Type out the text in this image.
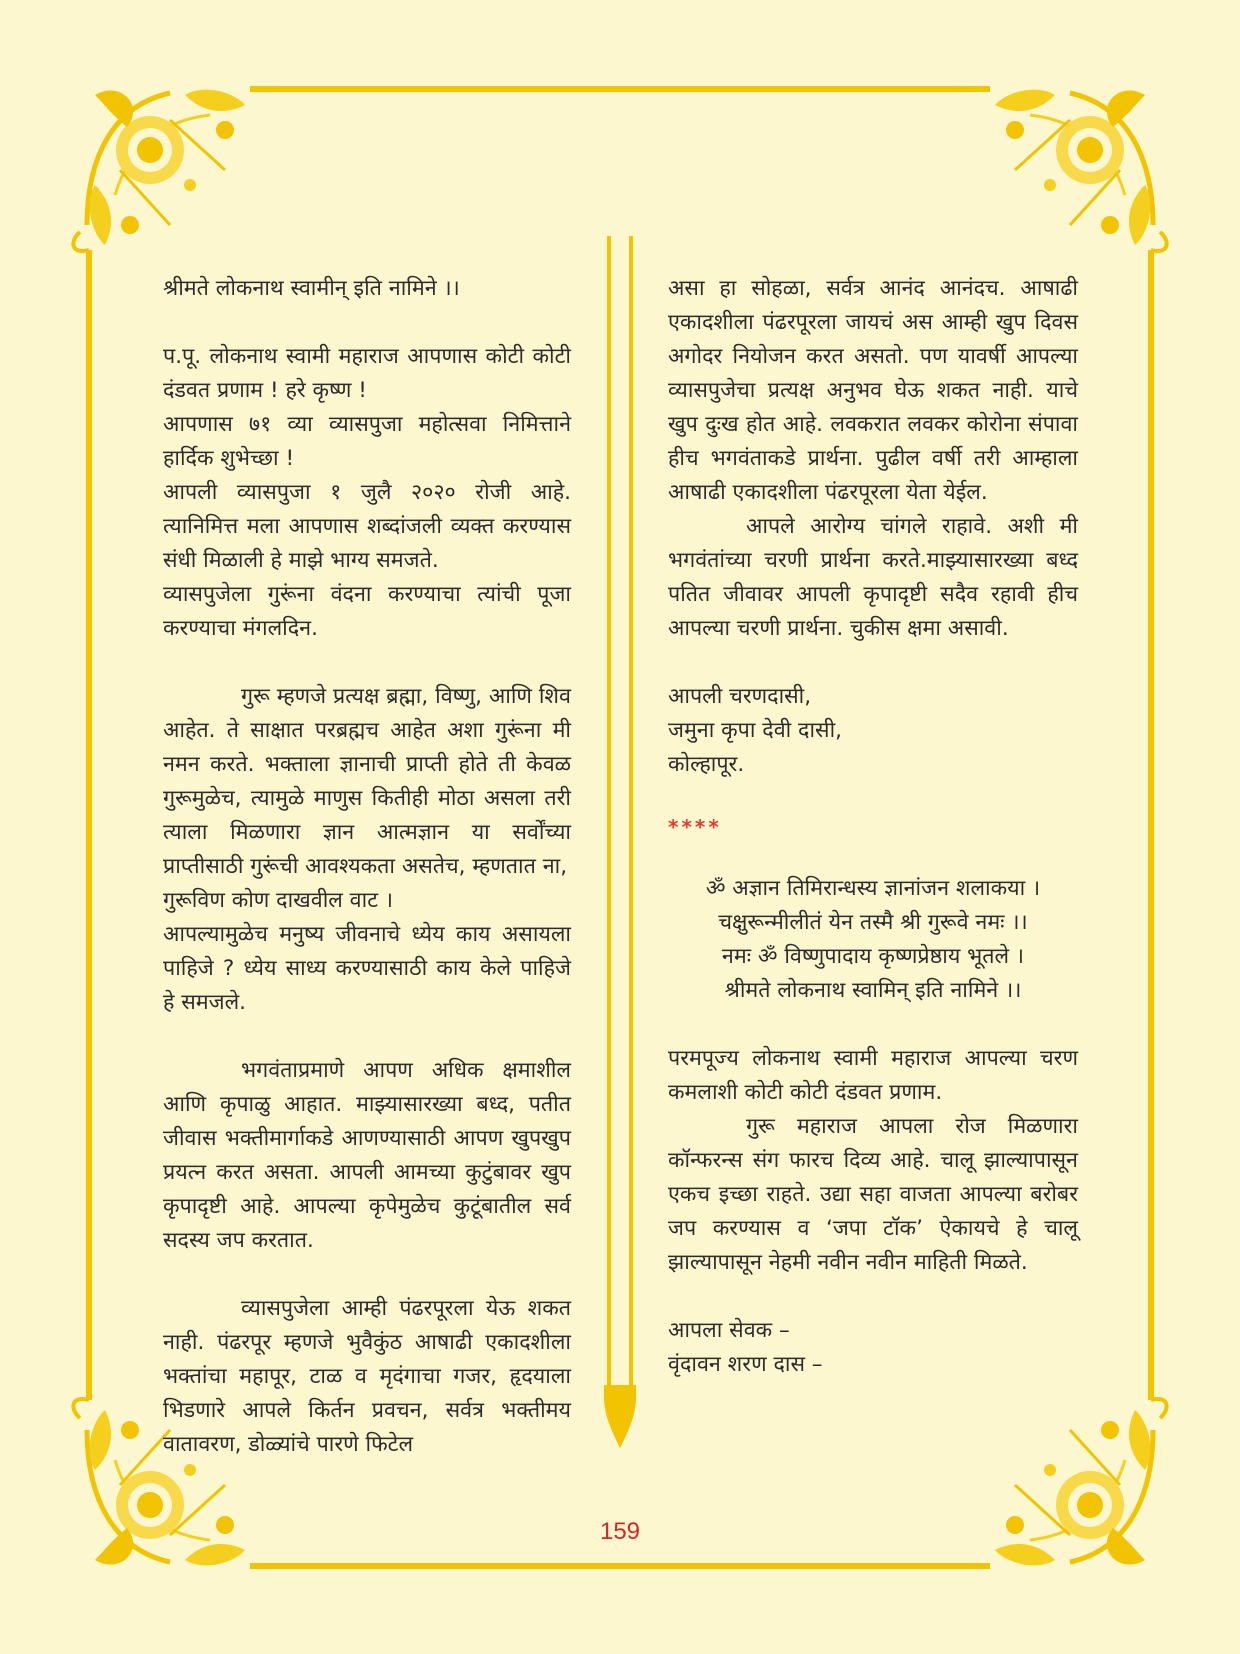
श्रीमते लोकनाथ स्वामीन् इति नामिने ।।

प.पू. लोकनाथ स्वामी महाराज आपणास कोटी कोटी दंडवत प्रणाम ! हरे कृष्ण !

आपणास ७१ व्या व्यासपुजा महोत्सवा निमित्ताने हार्दिक शुभेच्छा !

आपली व्यासपुजा १ जुलै २०२० रोजी आहे. त्यानिमित्त मला आपणास शब्दांजली व्यक्त करण्यास संधी मिळाली हे माझे भाग्य समजते.

व्यासपुजेला गुरूंना वंदना करण्याचा त्यांची पूजा करण्याचा मंगलदिन.

गुरू म्हणजे प्रत्यक्ष ब्रह्मा, विष्णु, आणि शिव आहेत. ते साक्षात परब्रह्मच आहेत अशा गुरूंना मी नमन करते. भक्ताला ज्ञानाची प्राप्ती होते ती केवळ गुरूमुळेच, त्यामुळे माणुस कितीही मोठा असला तरी त्याला मिळणारा ज्ञान आत्मज्ञान या सर्वोंच्या प्राप्तीसाठी गुरूंची आवश्यकता असतेच, म्हणतात ना,

गुरूविण कोण दाखवील वाट ।

आपल्यामुळेच मनुष्य जीवनाचे ध्येय काय असायला पाहिजे ? ध्येय साध्य करण्यासाठी काय केले पाहिजे हे समजले.

भगवंताप्रमाणे आपण अधिक क्षमाशील आणि कृपाळु आहात. माझ्यासारख्या बध्द, पतीत जीवास भक्तीमार्गाकडे आणण्यासाठी आपण खुपखुप प्रयत्न करत असता. आपली आमच्या कुटुंबावर खुप कृपादृष्टी आहे. आपल्या कृपेमुळेच कुटूंबातील सर्व सदस्य जप करतात.

व्यासपुजेला आम्ही पंढरपूरला येऊ शकत नाही. पंढरपूर म्हणजे भुवैकुंठ आषाढी एकादशीला भक्तांचा महापूर, टाळ व मृदंगाचा गजर, हृदयाला भिडणारे आपले किर्तन प्रवचन, सर्वत्र भक्तीमय वातावरण, डोळ्यांचे पारणे फिटेल

असा हा सोहळा, सर्वत्र आनंद आनंदच. आषाढी एकादशीला पंढरपूरला जायचं अस आम्ही खुप दिवस अगोदर नियोजन करत असतो. पण यावर्षी आपल्या व्यासपुजेचा प्रत्यक्ष अनुभव घेऊ शकत नाही. याचे खुप दुःख होत आहे. लवकरात लवकर कोरोना संपावा हीच भगवंताकडे प्रार्थना. पुढील वर्षी तरी आम्हाला आषाढी एकादशीला पंढरपूरला येता येईल.

आपले आरोग्य चांगले राहावे. अशी मी भगवंतांच्या चरणी प्रार्थना करते.माझ्यासारख्या बध्द पतित जीवावर आपली कृपादृष्टी सदैव रहावी हीच आपल्या चरणी प्रार्थना. चुकीस क्षमा असावी.

आपली चरणदासी,

जमुना कृपा देवी दासी,

कोल्हापूर.

****

ॐ अज्ञान तिमिरान्धस्य ज्ञानांजन शलाकया ।

चक्षुरून्मीलीतं येन तस्मै श्री गुरूवे नमः ।।

नमः ॐ विष्णुपादाय कृष्णप्रेष्ठाय भूतले ।

श्रीमते लोकनाथ स्वामिन् इति नामिने ।।

परमपूज्य लोकनाथ स्वामी महाराज आपल्या चरण कमलाशी कोटी कोटी दंडवत प्रणाम.

गुरू महाराज आपला रोज मिळणारा कॉन्फरन्स संग फारच दिव्य आहे. चालू झाल्यापासून एकच इच्छा राहते. उद्या सहा वाजता आपल्या बरोबर जप करण्यास व ‘जपा टॉक’ ऐकायचे हे चालू झाल्यापासून नेहमी नवीन नवीन माहिती मिळते.

आपला सेवक –

वृंदावन शरण दास –

159
